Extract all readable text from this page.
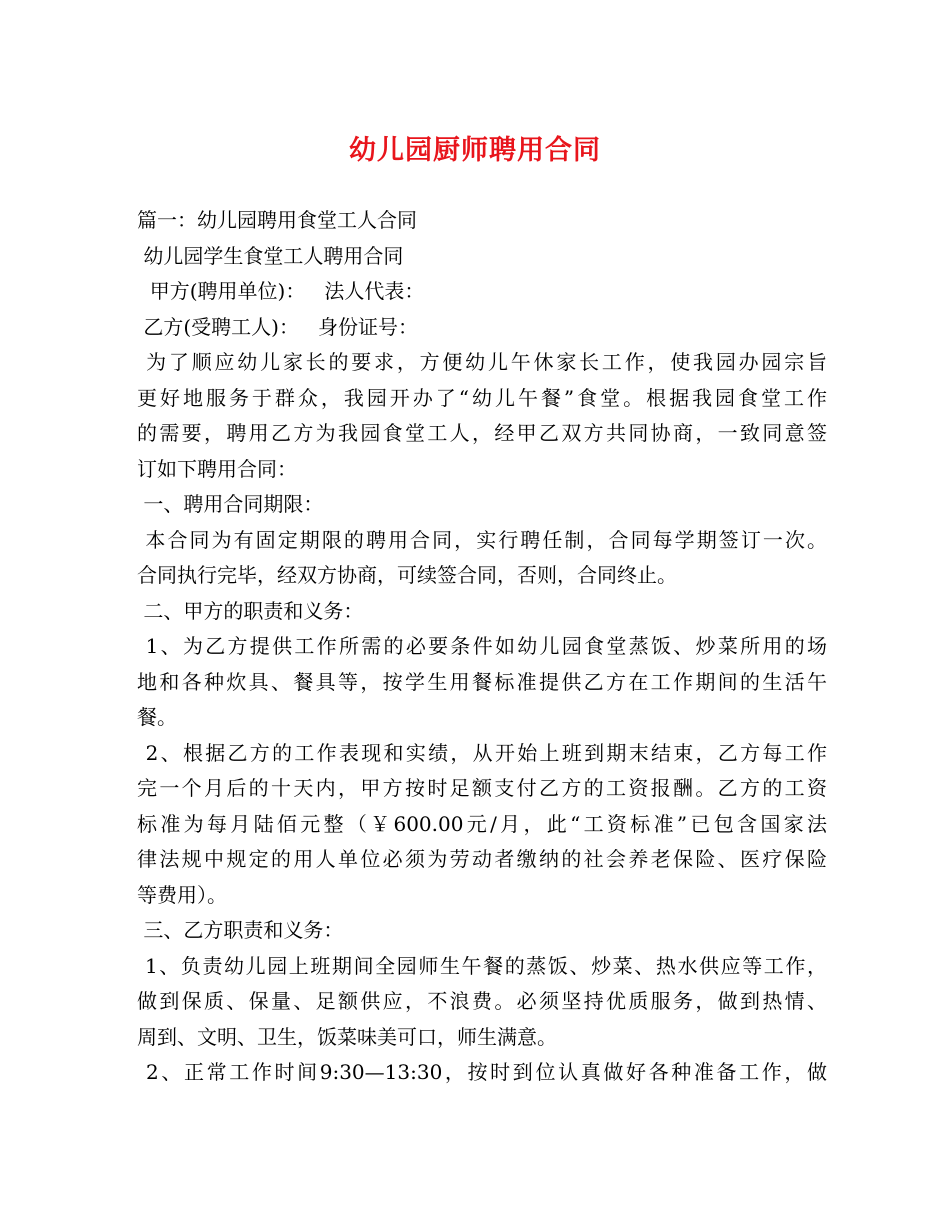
幼儿园厨师聘用合同
篇一：幼儿园聘用食堂工人合同
幼儿园学生食堂工人聘用合同
甲方(聘用单位)：   法人代表：
乙方(受聘工人)：   身份证号：
为了顺应幼儿家长的要求，方便幼儿午休家长工作，使我园办园宗旨
更好地服务于群众，我园开办了“幼儿午餐”食堂。根据我园食堂工作
的需要，聘用乙方为我园食堂工人，经甲乙双方共同协商，一致同意签
订如下聘用合同：
一、聘用合同期限：
本合同为有固定期限的聘用合同，实行聘任制，合同每学期签订一次。
合同执行完毕，经双方协商，可续签合同，否则，合同终止。
二、甲方的职责和义务：
1、为乙方提供工作所需的必要条件如幼儿园食堂蒸饭、炒菜所用的场
地和各种炊具、餐具等，按学生用餐标准提供乙方在工作期间的生活午
餐。
2、根据乙方的工作表现和实绩，从开始上班到期末结束，乙方每工作
完一个月后的十天内，甲方按时足额支付乙方的工资报酬。乙方的工资
标准为每月陆佰元整（￥600.00元/月，此“工资标准”已包含国家法
律法规中规定的用人单位必须为劳动者缴纳的社会养老保险、医疗保险
等费用）。
三、乙方职责和义务：
1、负责幼儿园上班期间全园师生午餐的蒸饭、炒菜、热水供应等工作，
做到保质、保量、足额供应，不浪费。必须坚持优质服务，做到热情、
周到、文明、卫生，饭菜味美可口，师生满意。
2、正常工作时间9:30—13:30，按时到位认真做好各种准备工作，做
